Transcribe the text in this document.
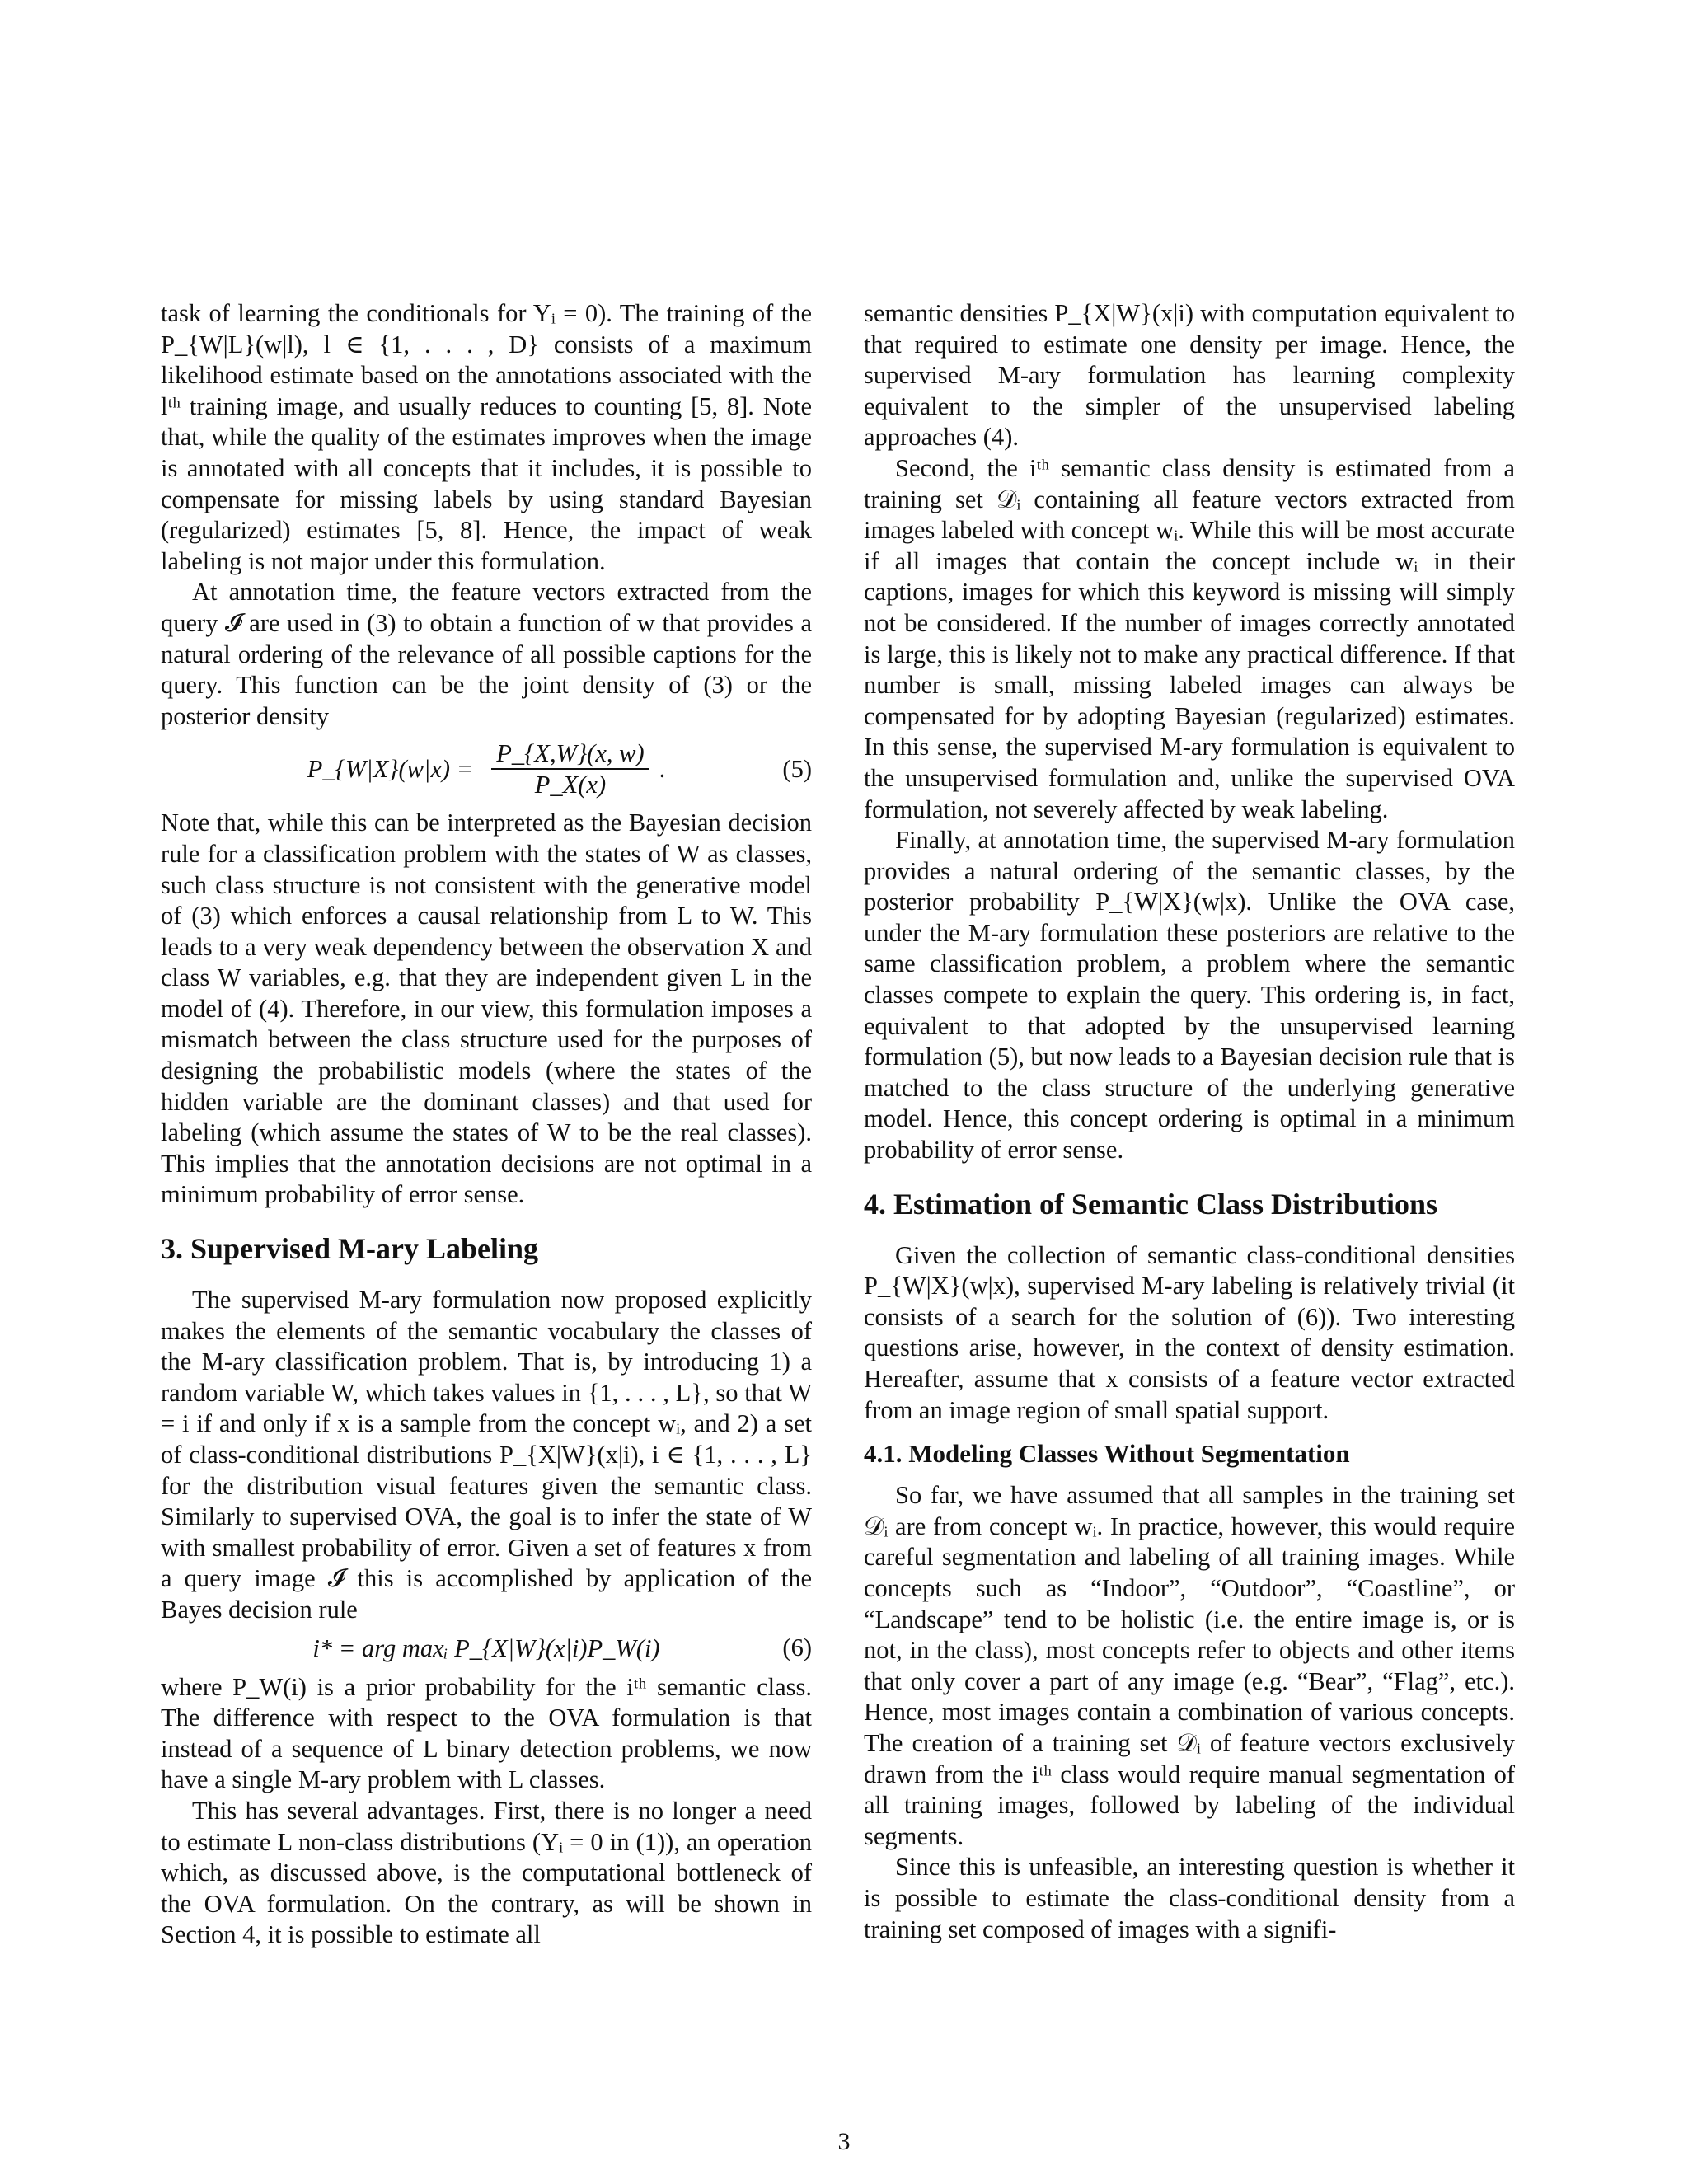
task of learning the conditionals for Yᵢ = 0). The training of the P_{W|L}(w|l), l ∈ {1, . . . , D} consists of a maximum likelihood estimate based on the annotations associated with the lᵗʰ training image, and usually reduces to counting [5, 8]. Note that, while the quality of the estimates improves when the image is annotated with all concepts that it includes, it is possible to compensate for missing labels by using standard Bayesian (regularized) estimates [5, 8]. Hence, the impact of weak labeling is not major under this formulation.

At annotation time, the feature vectors extracted from the query 𝓘 are used in (3) to obtain a function of w that provides a natural ordering of the relevance of all possible captions for the query. This function can be the joint density of (3) or the posterior density

P_{W|X}(w|x) = $\frac{P\_\{X,W\}(x, w)}{P\_X(x)}$ .	(5)

Note that, while this can be interpreted as the Bayesian decision rule for a classification problem with the states of W as classes, such class structure is not consistent with the generative model of (3) which enforces a causal relationship from L to W. This leads to a very weak dependency between the observation X and class W variables, e.g. that they are independent given L in the model of (4). Therefore, in our view, this formulation imposes a mismatch between the class structure used for the purposes of designing the probabilistic models (where the states of the hidden variable are the dominant classes) and that used for labeling (which assume the states of W to be the real classes). This implies that the annotation decisions are not optimal in a minimum probability of error sense.

3. Supervised M-ary Labeling

The supervised M-ary formulation now proposed explicitly makes the elements of the semantic vocabulary the classes of the M-ary classification problem. That is, by introducing 1) a random variable W, which takes values in {1, . . . , L}, so that W = i if and only if x is a sample from the concept wᵢ, and 2) a set of class-conditional distributions P_{X|W}(x|i), i ∈ {1, . . . , L} for the distribution visual features given the semantic class. Similarly to supervised OVA, the goal is to infer the state of W with smallest probability of error. Given a set of features x from a query image 𝓘 this is accomplished by application of the Bayes decision rule

i* = arg maxᵢ P_{X|W}(x|i)P_W(i)	(6)

where P_W(i) is a prior probability for the iᵗʰ semantic class. The difference with respect to the OVA formulation is that instead of a sequence of L binary detection problems, we now have a single M-ary problem with L classes.

This has several advantages. First, there is no longer a need to estimate L non-class distributions (Yᵢ = 0 in (1)), an operation which, as discussed above, is the computational bottleneck of the OVA formulation. On the contrary, as will be shown in Section 4, it is possible to estimate all

semantic densities P_{X|W}(x|i) with computation equivalent to that required to estimate one density per image. Hence, the supervised M-ary formulation has learning complexity equivalent to the simpler of the unsupervised labeling approaches (4).

Second, the iᵗʰ semantic class density is estimated from a training set 𝒟ᵢ containing all feature vectors extracted from images labeled with concept wᵢ. While this will be most accurate if all images that contain the concept include wᵢ in their captions, images for which this keyword is missing will simply not be considered. If the number of images correctly annotated is large, this is likely not to make any practical difference. If that number is small, missing labeled images can always be compensated for by adopting Bayesian (regularized) estimates. In this sense, the supervised M-ary formulation is equivalent to the unsupervised formulation and, unlike the supervised OVA formulation, not severely affected by weak labeling.

Finally, at annotation time, the supervised M-ary formulation provides a natural ordering of the semantic classes, by the posterior probability P_{W|X}(w|x). Unlike the OVA case, under the M-ary formulation these posteriors are relative to the same classification problem, a problem where the semantic classes compete to explain the query. This ordering is, in fact, equivalent to that adopted by the unsupervised learning formulation (5), but now leads to a Bayesian decision rule that is matched to the class structure of the underlying generative model. Hence, this concept ordering is optimal in a minimum probability of error sense.

4. Estimation of Semantic Class Distributions

Given the collection of semantic class-conditional densities P_{W|X}(w|x), supervised M-ary labeling is relatively trivial (it consists of a search for the solution of (6)). Two interesting questions arise, however, in the context of density estimation. Hereafter, assume that x consists of a feature vector extracted from an image region of small spatial support.

4.1. Modeling Classes Without Segmentation

So far, we have assumed that all samples in the training set 𝒟ᵢ are from concept wᵢ. In practice, however, this would require careful segmentation and labeling of all training images. While concepts such as “Indoor”, “Outdoor”, “Coastline”, or “Landscape” tend to be holistic (i.e. the entire image is, or is not, in the class), most concepts refer to objects and other items that only cover a part of any image (e.g. “Bear”, “Flag”, etc.). Hence, most images contain a combination of various concepts. The creation of a training set 𝒟ᵢ of feature vectors exclusively drawn from the iᵗʰ class would require manual segmentation of all training images, followed by labeling of the individual segments.

Since this is unfeasible, an interesting question is whether it is possible to estimate the class-conditional density from a training set composed of images with a signifi-

3
